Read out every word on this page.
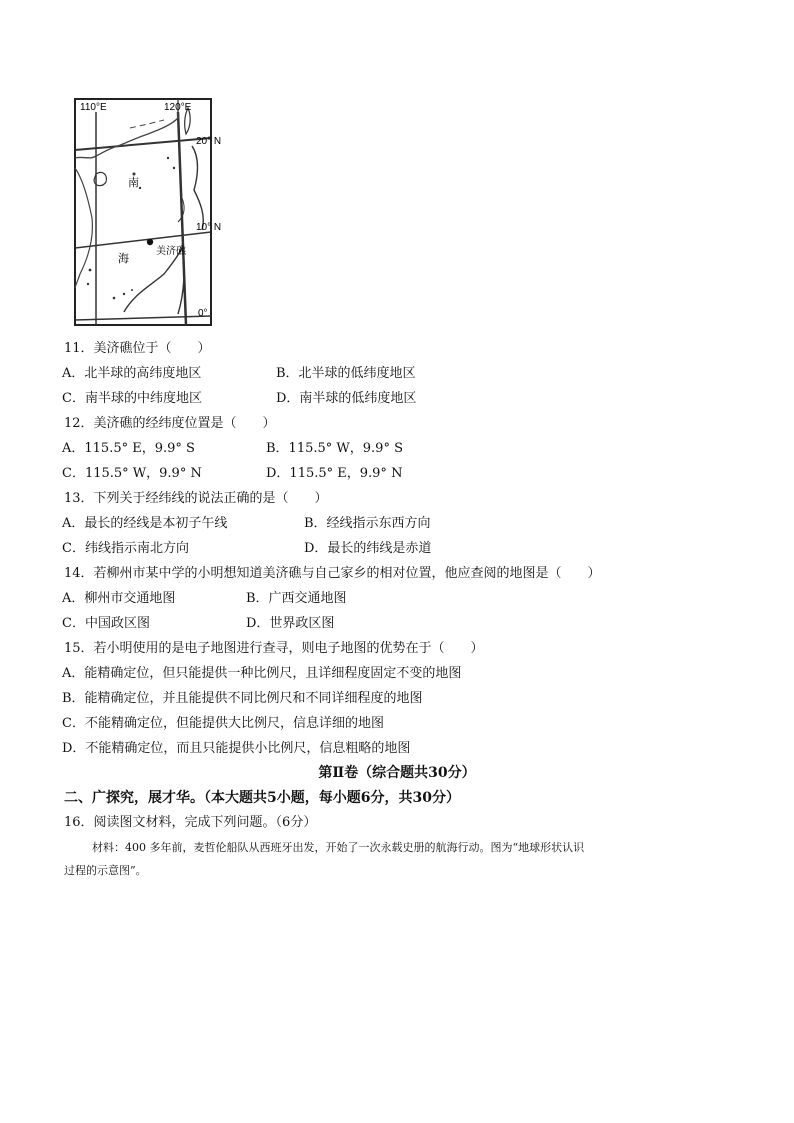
110°E	120°E
20° N
10° N
0°
南
海
美济礁
11．美济礁位于（　　）
A．北半球的高纬度地区	B．北半球的低纬度地区
C．南半球的中纬度地区	D．南半球的低纬度地区
12．美济礁的经纬度位置是（　　）
A．115.5° E，9.9° S	B．115.5° W，9.9° S
C．115.5° W，9.9° N	D．115.5° E，9.9° N
13．下列关于经纬线的说法正确的是（　　）
A．最长的经线是本初子午线	B．经线指示东西方向
C．纬线指示南北方向	D．最长的纬线是赤道
14．若柳州市某中学的小明想知道美济礁与自己家乡的相对位置，他应查阅的地图是（　　）
A．柳州市交通地图	B．广西交通地图
C．中国政区图	D．世界政区图
15．若小明使用的是电子地图进行查寻，则电子地图的优势在于（　　）
A．能精确定位，但只能提供一种比例尺，且详细程度固定不变的地图
B．能精确定位，并且能提供不同比例尺和不同详细程度的地图
C．不能精确定位，但能提供大比例尺，信息详细的地图
D．不能精确定位，而且只能提供小比例尺，信息粗略的地图
第Ⅱ卷（综合题共30分）
二、广探究，展才华。（本大题共5小题，每小题6分，共30分）
16．阅读图文材料，完成下列问题。（6分）
材料：400 多年前，麦哲伦船队从西班牙出发，开始了一次永载史册的航海行动。图为“地球形状认识
过程的示意图”。
